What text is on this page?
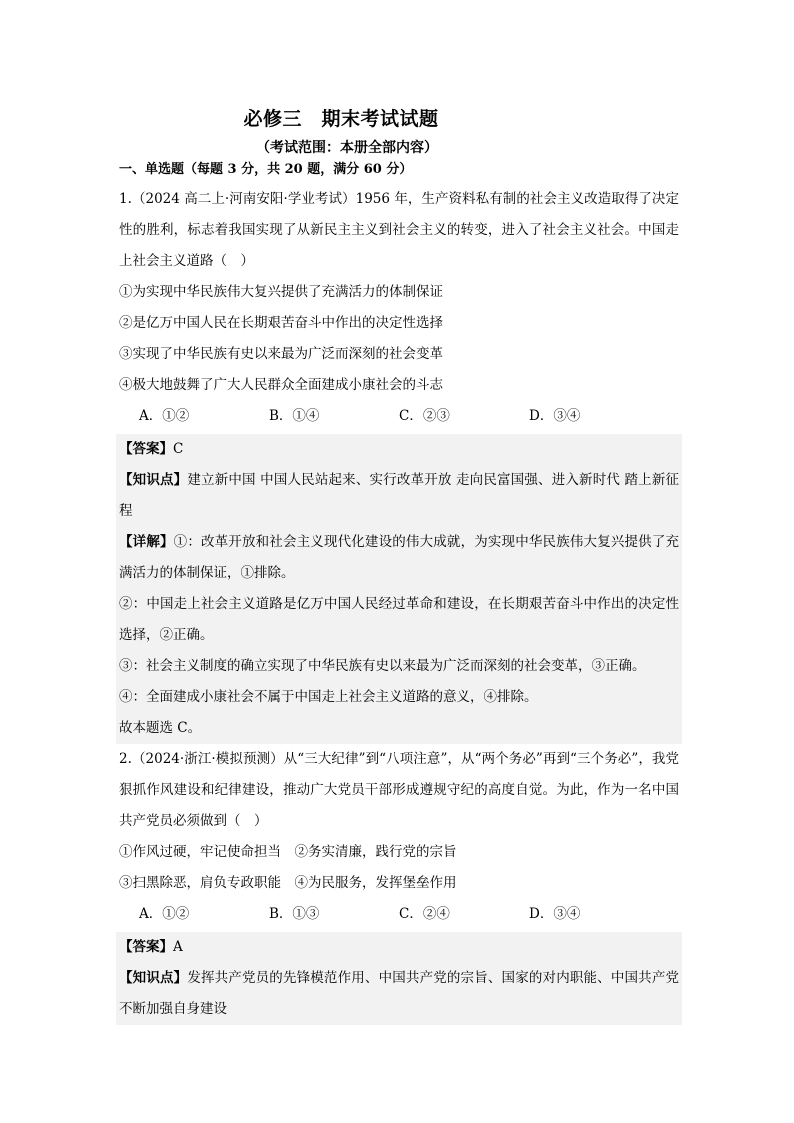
必修三　期末考试试题
（考试范围：本册全部内容）
一、单选题（每题 3 分，共 20 题，满分 60 分）
1.（2024 高二上·河南安阳·学业考试）1956 年，生产资料私有制的社会主义改造取得了决定性的胜利，标志着我国实现了从新民主主义到社会主义的转变，进入了社会主义社会。中国走上社会主义道路（　）
①为实现中华民族伟大复兴提供了充满活力的体制保证
②是亿万中国人民在长期艰苦奋斗中作出的决定性选择
③实现了中华民族有史以来最为广泛而深刻的社会变革
④极大地鼓舞了广大人民群众全面建成小康社会的斗志
A．①②	B．①④	C．②③	D．③④
【答案】C
【知识点】建立新中国 中国人民站起来、实行改革开放 走向民富国强、进入新时代 踏上新征程
【详解】①：改革开放和社会主义现代化建设的伟大成就，为实现中华民族伟大复兴提供了充满活力的体制保证，①排除。
②：中国走上社会主义道路是亿万中国人民经过革命和建设，在长期艰苦奋斗中作出的决定性选择，②正确。
③：社会主义制度的确立实现了中华民族有史以来最为广泛而深刻的社会变革，③正确。
④：全面建成小康社会不属于中国走上社会主义道路的意义，④排除。
故本题选 C。
2.（2024·浙江·模拟预测）从“三大纪律”到“八项注意”，从“两个务必”再到“三个务必”，我党狠抓作风建设和纪律建设，推动广大党员干部形成遵规守纪的高度自觉。为此，作为一名中国共产党员必须做到（　）
①作风过硬，牢记使命担当　②务实清廉，践行党的宗旨
③扫黑除恶，肩负专政职能　④为民服务，发挥堡垒作用
A．①②	B．①③	C．②④	D．③④
【答案】A
【知识点】发挥共产党员的先锋模范作用、中国共产党的宗旨、国家的对内职能、中国共产党不断加强自身建设
